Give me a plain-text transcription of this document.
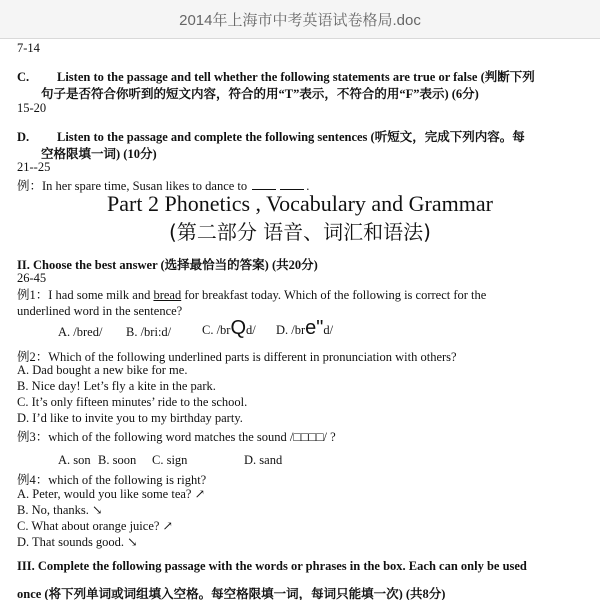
2014年上海市中考英语试卷格局.doc
7-14
C. Listen to the passage and tell whether the following statements are true or false (判断下列
句子是否符合你听到的短文内容，符合的用“T”表示，不符合的用“F”表示) (6分)
15-20
D. Listen to the passage and complete the following sentences (听短文，完成下列内容。每
空格限填一词) (10分)
21--25
例：In her spare time, Susan likes to dance to	.
Part 2 Phonetics , Vocabulary and Grammar
(第二部分 语音、词汇和语法)
II. Choose the best answer (选择最恰当的答案) (共20分)
26-45
例1：I had some milk and bread for breakfast today. Which of the following is correct for the
underlined word in the sentence?
A. /bred/ B. /bri:d/ C. /brQd/ D. /bre"d/
例2：Which of the following underlined parts is different in pronunciation with others?
A. Dad bought a new bike for me.
B. Nice day! Let’s fly a kite in the park.
C. It’s only fifteen minutes’ ride to the school.
D. I’d like to invite you to my birthday party.
例3：which of the following word matches the sound /□□□□/ ?
A. son B. soon C. sign	D. sand
例4：which of the following is right?
A. Peter, would you like some tea? ↗
B. No, thanks. ↘
C. What about orange juice? ↗
D. That sounds good. ↘
III. Complete the following passage with the words or phrases in the box. Each can only be used
once (将下列单词或词组填入空格。每空格限填一词，每词只能填一次) (共8分)
